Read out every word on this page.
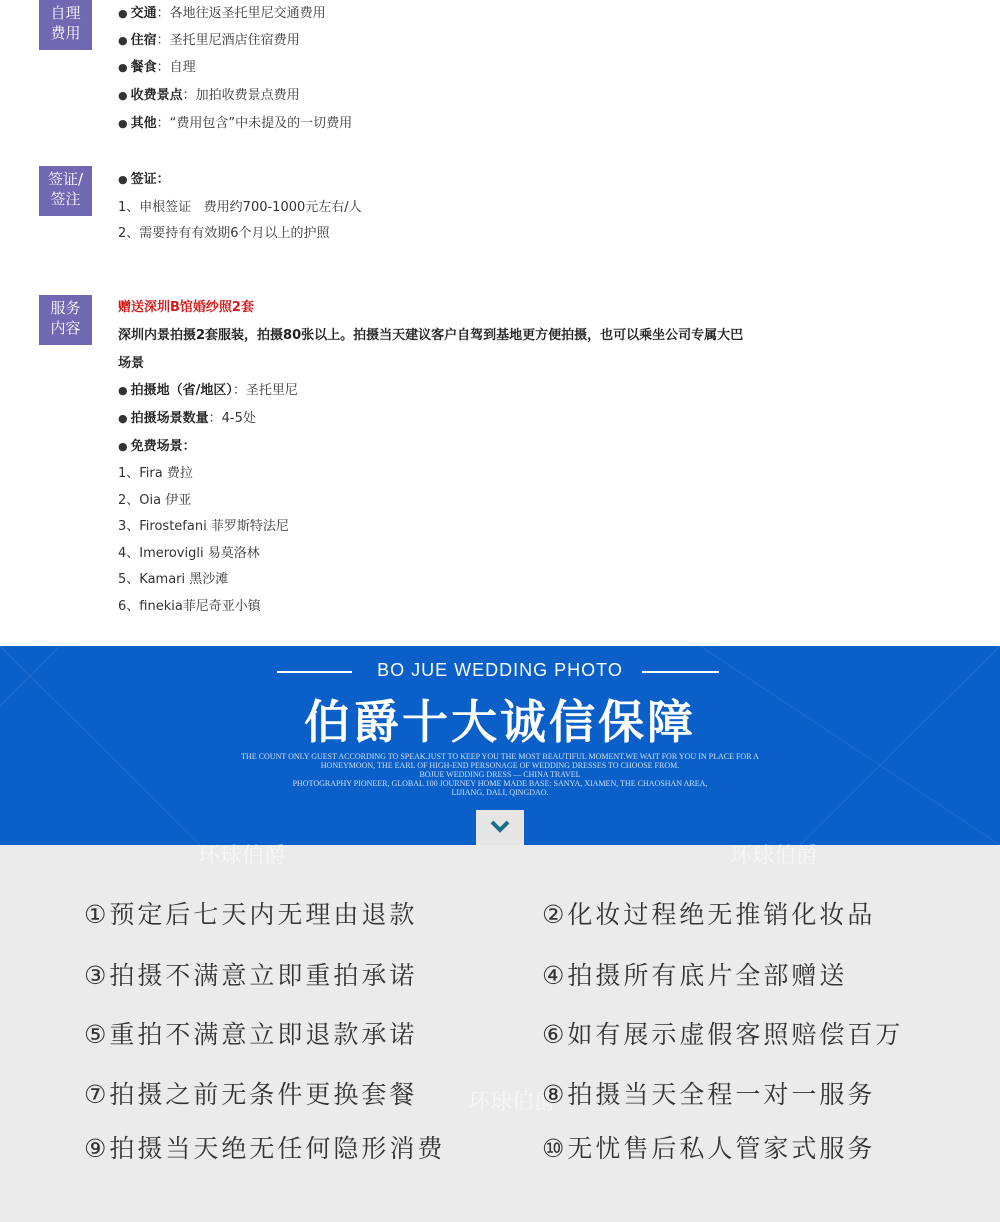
自理
费用
● 交通：各地往返圣托里尼交通费用
● 住宿：圣托里尼酒店住宿费用
● 餐食：自理
● 收费景点：加拍收费景点费用
● 其他：“费用包含”中未提及的一切费用
签证/
签注
● 签证：
1、申根签证   费用约700-1000元左右/人
2、需要持有有效期6个月以上的护照
服务
内容
赠送深圳B馆婚纱照2套
深圳内景拍摄2套服装，拍摄80张以上。拍摄当天建议客户自驾到基地更方便拍摄，也可以乘坐公司专属大巴
场景
● 拍摄地（省/地区）：圣托里尼
● 拍摄场景数量：4-5处
● 免费场景：
1、Fira 费拉
2、Oia 伊亚
3、Firostefani 菲罗斯特法尼
4、Imerovigli 易莫洛林
5、Kamari 黑沙滩
6、finekia菲尼奇亚小镇
BO JUE WEDDING PHOTO
伯爵十大诚信保障
THE COUNT ONLY GUEST ACCORDING TO SPEAK.JUST TO KEEP YOU THE MOST BEAUTIFUL MOMENT.WE WAIT FOR YOU IN PLACE FOR A
HONEYMOON, THE EARL OF HIGH-END PERSONAGE OF WEDDING DRESSES TO CHOOSE FROM.
BOJUE WEDDING DRESS — CHINA TRAVEL
PHOTOGRAPHY PIONEER, GLOBAL 100 JOURNEY HOME MADE BASE: SANYA, XIAMEN, THE CHAOSHAN AREA,
LIJIANG, DALI, QINGDAO.
环球伯爵	环球伯爵
环球伯爵
①预定后七天内无理由退款	②化妆过程绝无推销化妆品
③拍摄不满意立即重拍承诺	④拍摄所有底片全部赠送
⑤重拍不满意立即退款承诺	⑥如有展示虚假客照赔偿百万
⑦拍摄之前无条件更换套餐	⑧拍摄当天全程一对一服务
⑨拍摄当天绝无任何隐形消费	⑩无忧售后私人管家式服务
